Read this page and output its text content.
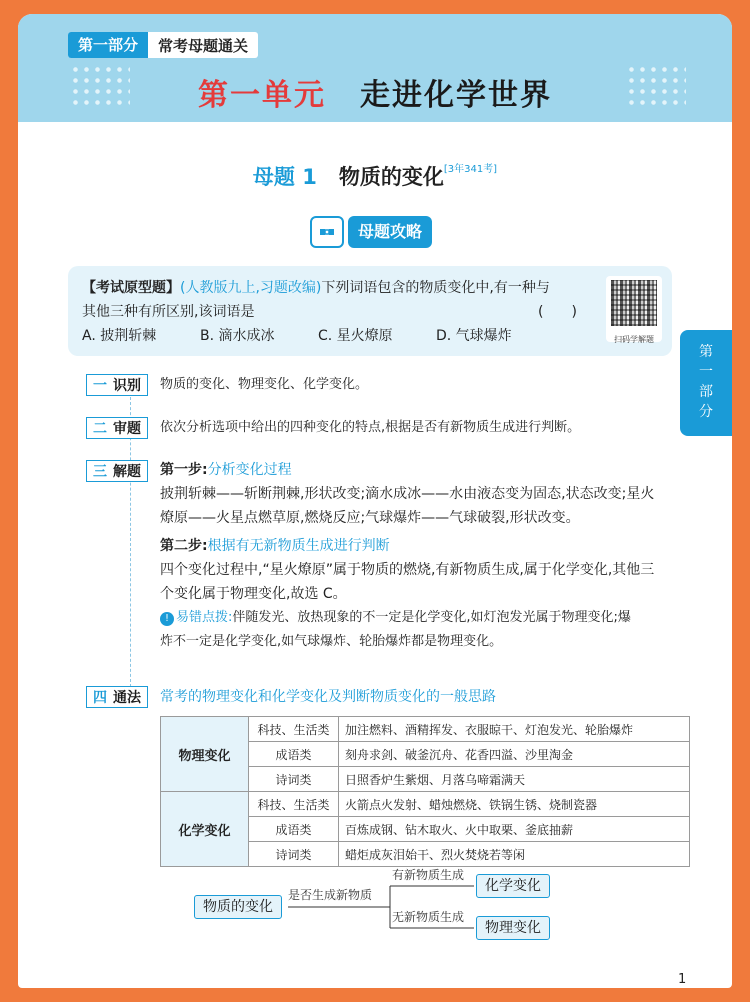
第一部分	常考母题通关
第一单元 走进化学世界
母题 1 物质的变化[3年341考]
母题攻略
【考试原型题】(人教版九上,习题改编)下列词语包含的物质变化中,有一种与
其他三种有所区别,该词语是	(　　)
A. 披荆斩棘	B. 滴水成冰	C. 星火燎原	D. 气球爆炸	扫码学解题
一 识别	物质的变化、物理变化、化学变化。
二 审题	依次分析选项中给出的四种变化的特点,根据是否有新物质生成进行判断。
三 解题	第一步:分析变化过程
披荆斩棘——斩断荆棘,形状改变;滴水成冰——水由液态变为固态,状态改变;星火
燎原——火星点燃草原,燃烧反应;气球爆炸——气球破裂,形状改变。
第二步:根据有无新物质生成进行判断
四个变化过程中,“星火燎原”属于物质的燃烧,有新物质生成,属于化学变化,其他三
个变化属于物理变化,故选 C。
! 易错点拨:伴随发光、放热现象的不一定是化学变化,如灯泡发光属于物理变化;爆
炸不一定是化学变化,如气球爆炸、轮胎爆炸都是物理变化。
四 通法	常考的物理变化和化学变化及判断物质变化的一般思路
物理变化	科技、生活类	加注燃料、酒精挥发、衣服晾干、灯泡发光、轮胎爆炸
	成语类	刻舟求剑、破釜沉舟、花香四溢、沙里淘金
	诗词类	日照香炉生紫烟、月落乌啼霜满天
化学变化	科技、生活类	火箭点火发射、蜡烛燃烧、铁锅生锈、烧制瓷器
	成语类	百炼成钢、钻木取火、火中取栗、釜底抽薪
	诗词类	蜡炬成灰泪始干、烈火焚烧若等闲
物质的变化
是否生成新物质
有新物质生成
化学变化
无新物质生成
物理变化
1
第
一
部
分
